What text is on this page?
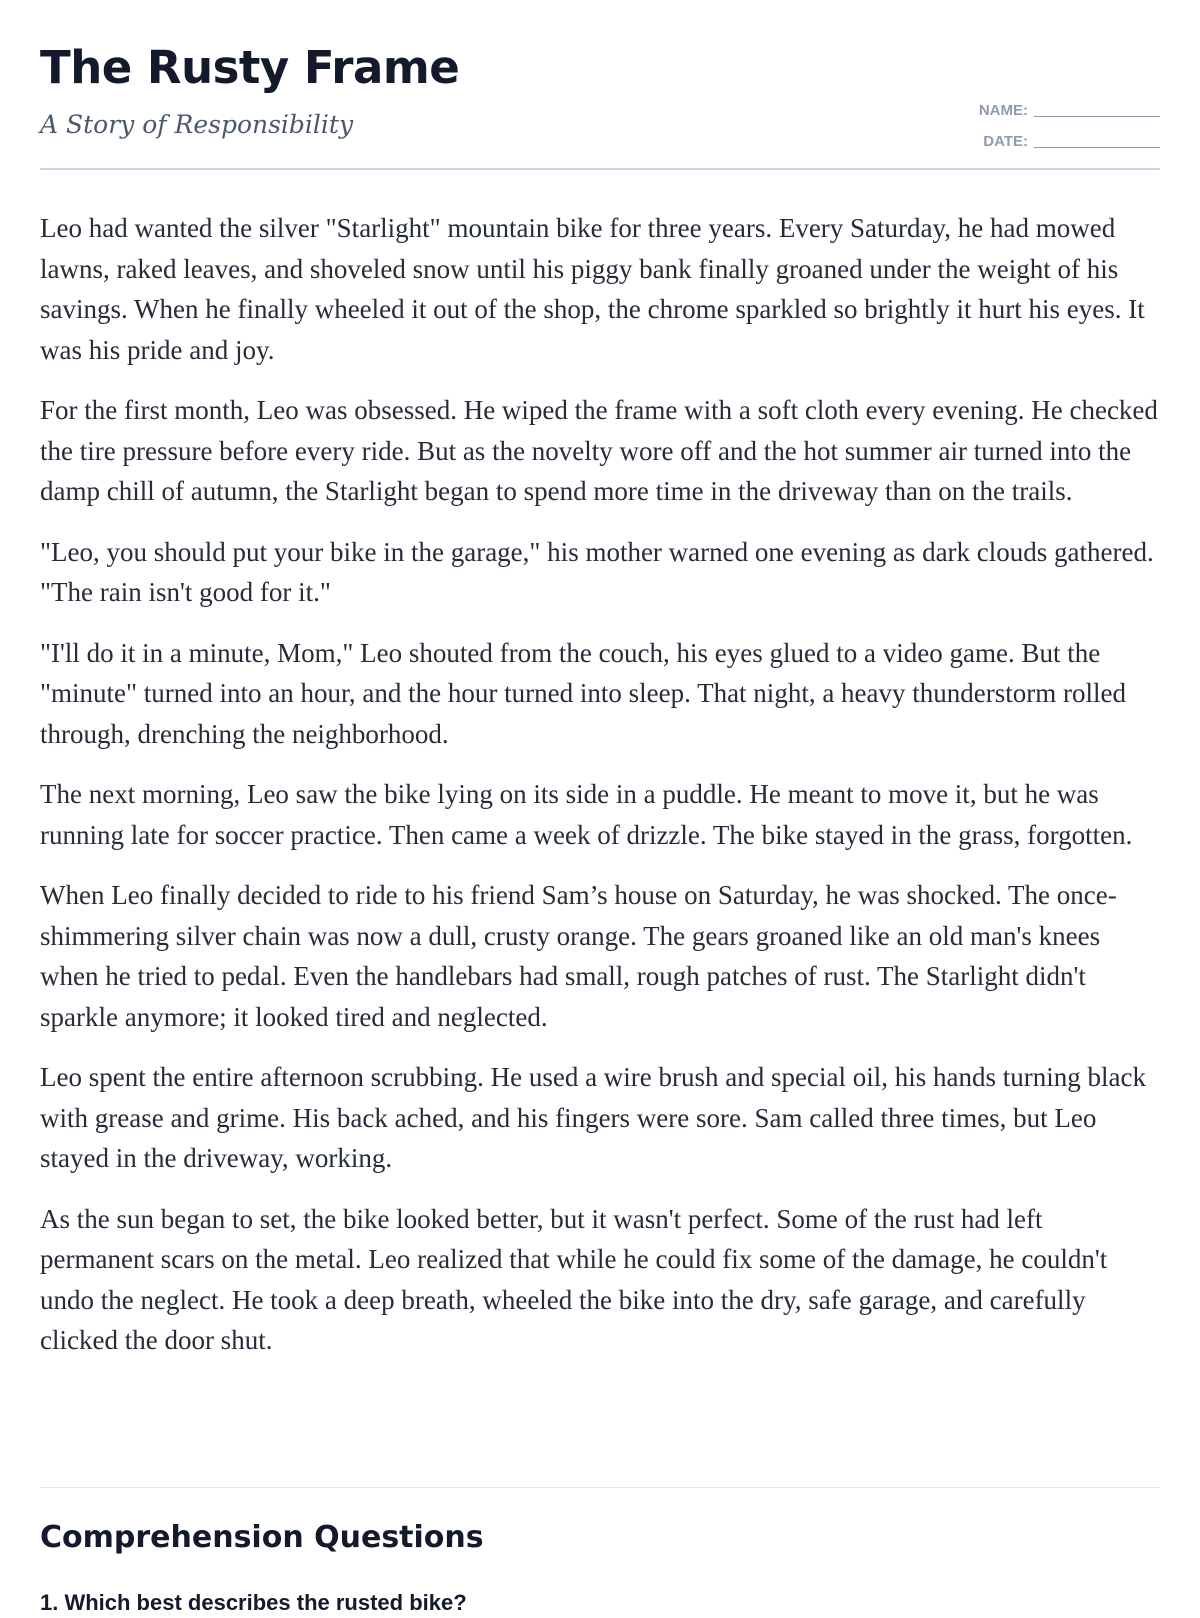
The Rusty Frame
A Story of Responsibility	NAME:
DATE:

Leo had wanted the silver "Starlight" mountain bike for three years. Every Saturday, he had mowed lawns, raked leaves, and shoveled snow until his piggy bank finally groaned under the weight of his savings. When he finally wheeled it out of the shop, the chrome sparkled so brightly it hurt his eyes. It was his pride and joy.

For the first month, Leo was obsessed. He wiped the frame with a soft cloth every evening. He checked the tire pressure before every ride. But as the novelty wore off and the hot summer air turned into the damp chill of autumn, the Starlight began to spend more time in the driveway than on the trails.

"Leo, you should put your bike in the garage," his mother warned one evening as dark clouds gathered. "The rain isn't good for it."

"I'll do it in a minute, Mom," Leo shouted from the couch, his eyes glued to a video game. But the "minute" turned into an hour, and the hour turned into sleep. That night, a heavy thunderstorm rolled through, drenching the neighborhood.

The next morning, Leo saw the bike lying on its side in a puddle. He meant to move it, but he was running late for soccer practice. Then came a week of drizzle. The bike stayed in the grass, forgotten.

When Leo finally decided to ride to his friend Sam’s house on Saturday, he was shocked. The once-shimmering silver chain was now a dull, crusty orange. The gears groaned like an old man's knees when he tried to pedal. Even the handlebars had small, rough patches of rust. The Starlight didn't sparkle anymore; it looked tired and neglected.

Leo spent the entire afternoon scrubbing. He used a wire brush and special oil, his hands turning black with grease and grime. His back ached, and his fingers were sore. Sam called three times, but Leo stayed in the driveway, working.

As the sun began to set, the bike looked better, but it wasn't perfect. Some of the rust had left permanent scars on the metal. Leo realized that while he could fix some of the damage, he couldn't undo the neglect. He took a deep breath, wheeled the bike into the dry, safe garage, and carefully clicked the door shut.

Comprehension Questions
1. Which best describes the rusted bike?
